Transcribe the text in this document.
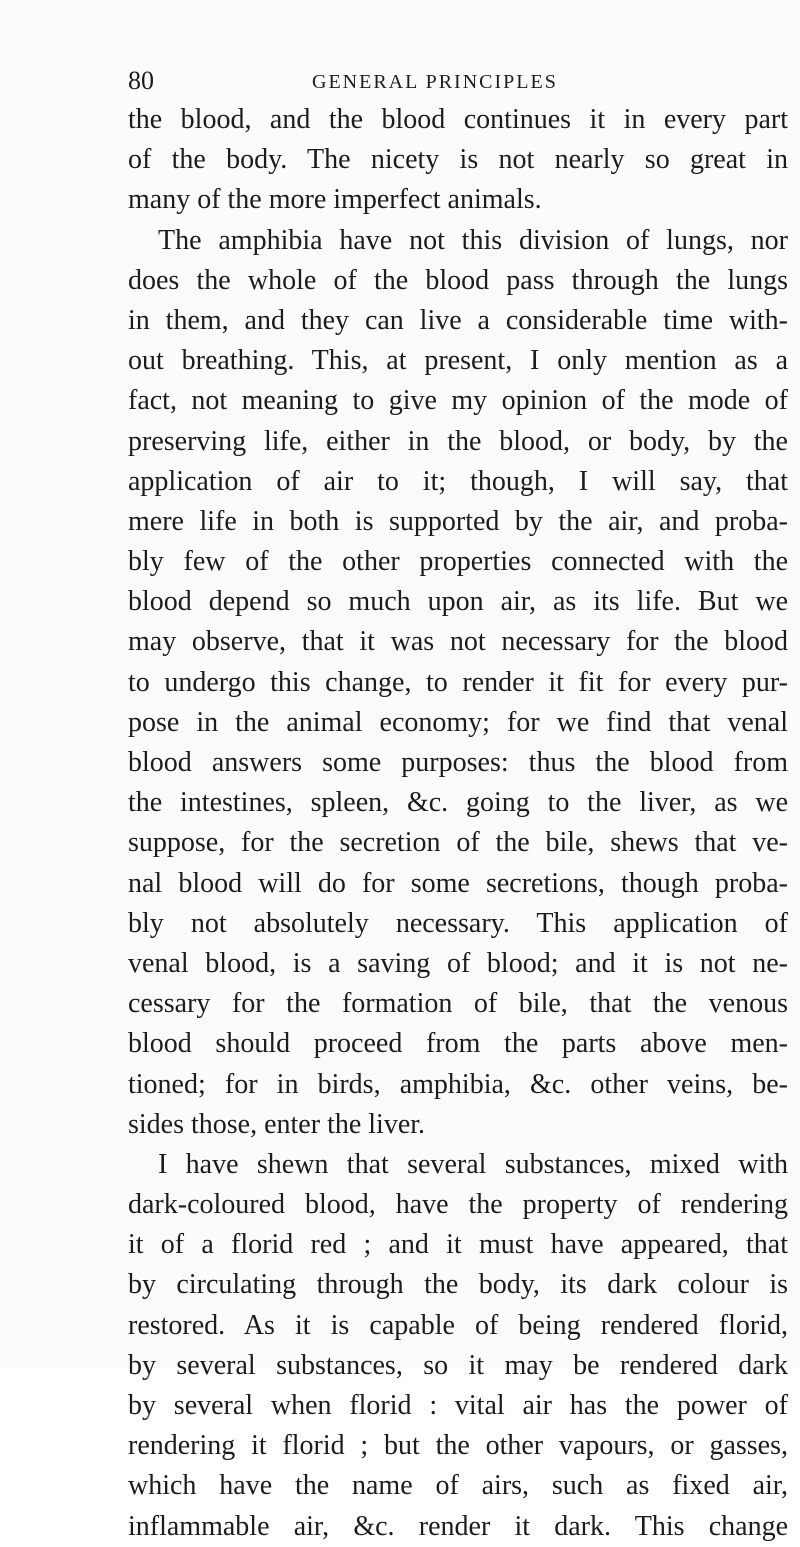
80	GENERAL PRINCIPLES
the blood, and the blood continues it in every part
of the body. The nicety is not nearly so great in
many of the more imperfect animals.
The amphibia have not this division of lungs, nor
does the whole of the blood pass through the lungs
in them, and they can live a considerable time with-
out breathing. This, at present, I only mention as a
fact, not meaning to give my opinion of the mode of
preserving life, either in the blood, or body, by the
application of air to it; though, I will say, that
mere life in both is supported by the air, and proba-
bly few of the other properties connected with the
blood depend so much upon air, as its life. But we
may observe, that it was not necessary for the blood
to undergo this change, to render it fit for every pur-
pose in the animal economy; for we find that venal
blood answers some purposes: thus the blood from
the intestines, spleen, &c. going to the liver, as we
suppose, for the secretion of the bile, shews that ve-
nal blood will do for some secretions, though proba-
bly not absolutely necessary. This application of
venal blood, is a saving of blood; and it is not ne-
cessary for the formation of bile, that the venous
blood should proceed from the parts above men-
tioned; for in birds, amphibia, &c. other veins, be-
sides those, enter the liver.
I have shewn that several substances, mixed with
dark-coloured blood, have the property of rendering
it of a florid red ; and it must have appeared, that
by circulating through the body, its dark colour is
restored. As it is capable of being rendered florid,
by several substances, so it may be rendered dark
by several when florid : vital air has the power of
rendering it florid ; but the other vapours, or gasses,
which have the name of airs, such as fixed air,
inflammable air, &c. render it dark. This change
